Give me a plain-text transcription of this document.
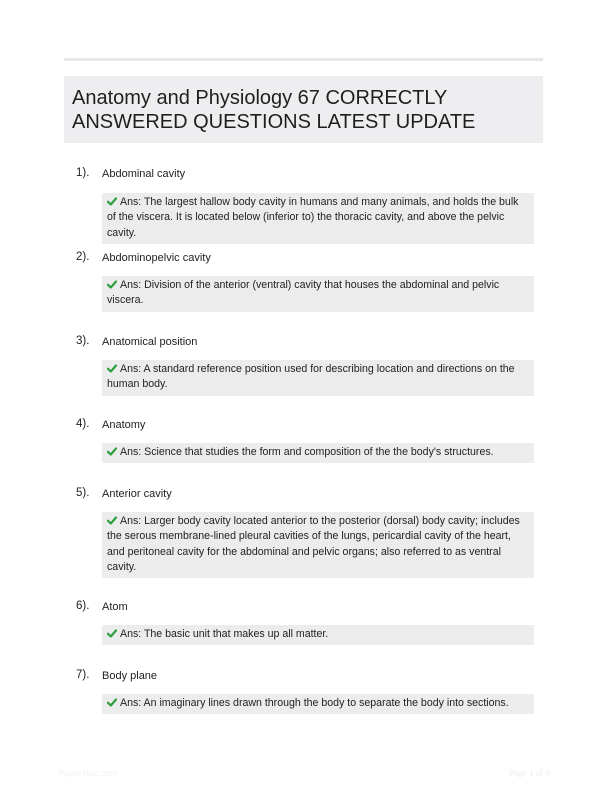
Anatomy and Physiology 67 CORRECTLY ANSWERED QUESTIONS LATEST UPDATE
1). Abdominal cavity
Ans: The largest hallow body cavity in humans and many animals, and holds the bulk of the viscera. It is located below (inferior to) the thoracic cavity, and above the pelvic cavity.
2). Abdominopelvic cavity
Ans: Division of the anterior (ventral) cavity that houses the abdominal and pelvic viscera.
3). Anatomical position
Ans: A standard reference position used for describing location and directions on the human body.
4). Anatomy
Ans: Science that studies the form and composition of the the body's structures.
5). Anterior cavity
Ans: Larger body cavity located anterior to the posterior (dorsal) body cavity; includes the serous membrane-lined pleural cavities of the lungs, pericardial cavity of the heart, and peritoneal cavity for the abdominal and pelvic organs; also referred to as ventral cavity.
6). Atom
Ans: The basic unit that makes up all matter.
7). Body plane
Ans: An imaginary lines drawn through the body to separate the body into sections.
Paperstuc.com	Page 1 of 9
